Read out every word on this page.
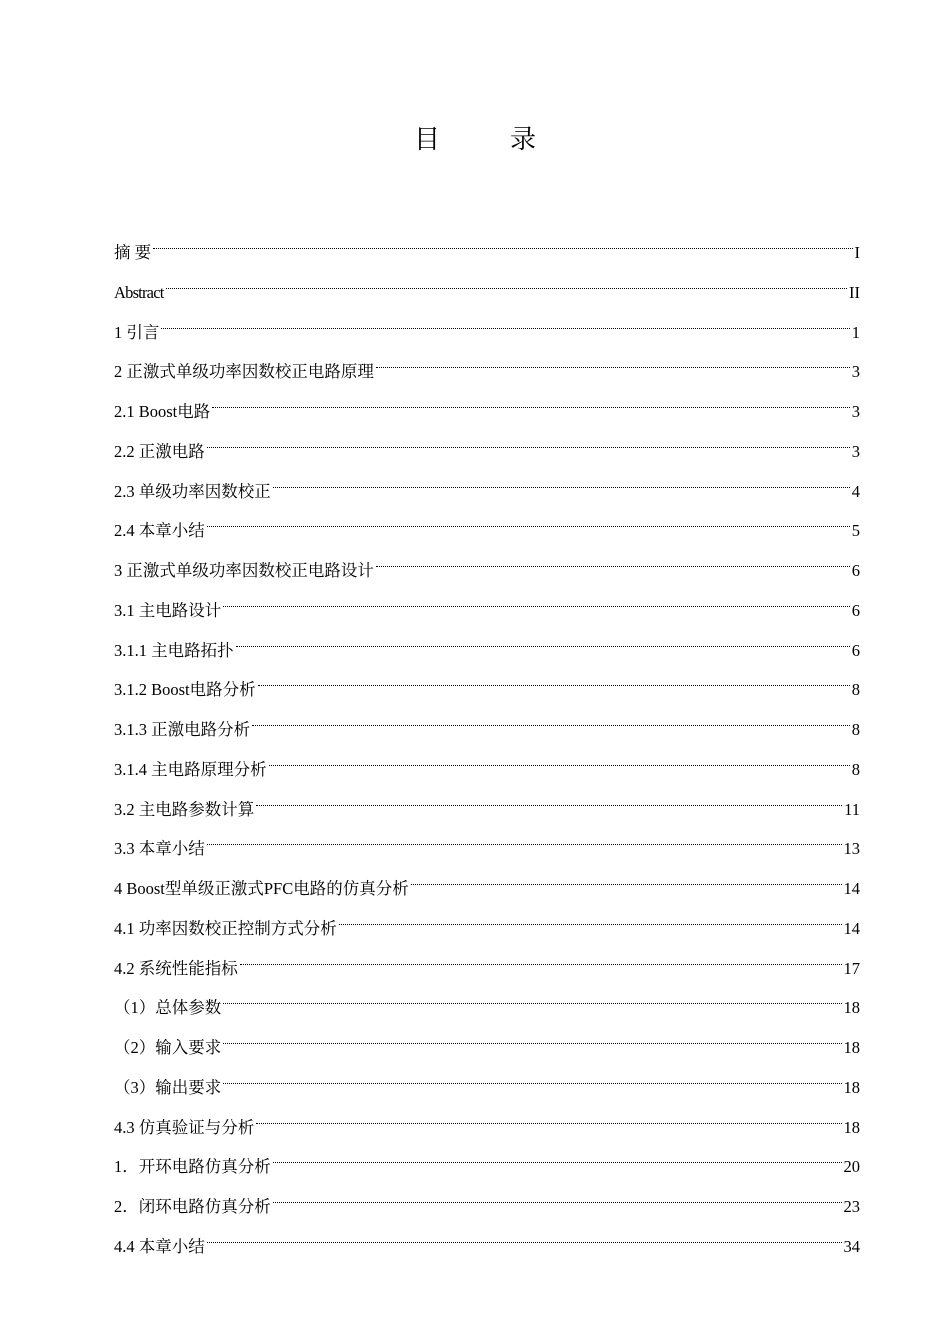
目　录
摘 要	I
Abstract	II
1 引言	1
2 正激式单级功率因数校正电路原理	3
2.1 Boost电路	3
2.2 正激电路	3
2.3 单级功率因数校正	4
2.4 本章小结	5
3 正激式单级功率因数校正电路设计	6
3.1 主电路设计	6
3.1.1 主电路拓扑	6
3.1.2 Boost电路分析	8
3.1.3 正激电路分析	8
3.1.4 主电路原理分析	8
3.2 主电路参数计算	11
3.3 本章小结	13
4 Boost型单级正激式PFC电路的仿真分析	14
4.1 功率因数校正控制方式分析	14
4.2 系统性能指标	17
（1）总体参数	18
（2）输入要求	18
（3）输出要求	18
4.3 仿真验证与分析	18
1．开环电路仿真分析	20
2．闭环电路仿真分析	23
4.4 本章小结	34
